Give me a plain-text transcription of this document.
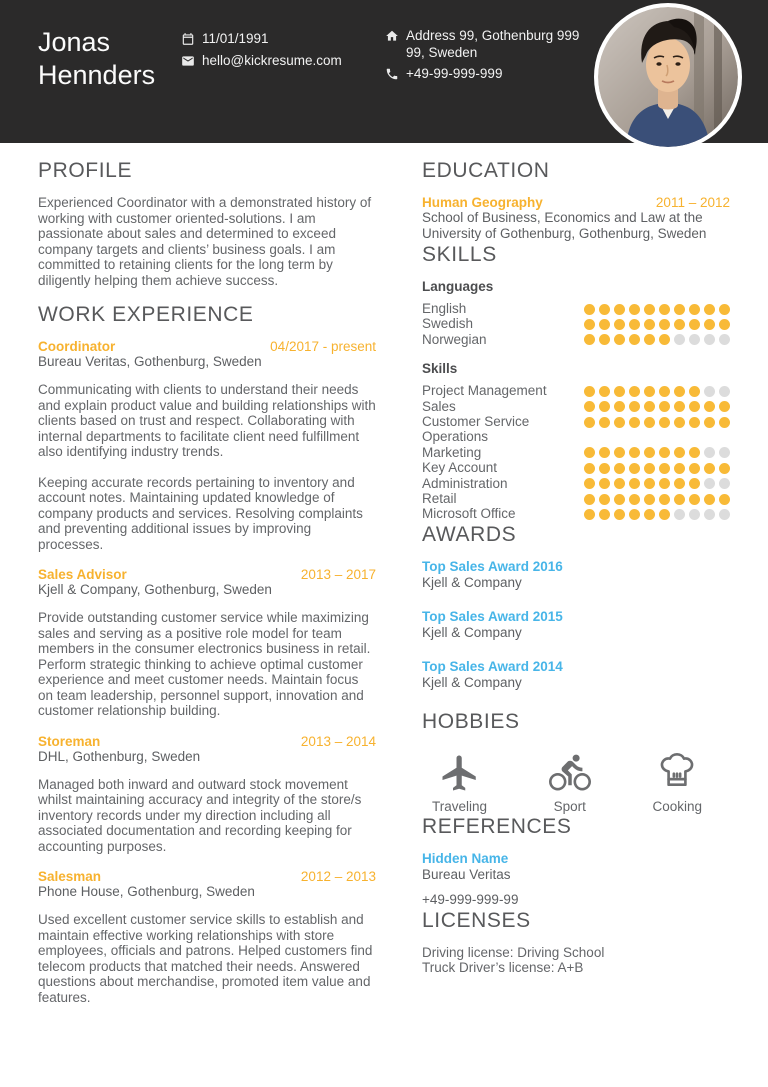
Jonas
Hennders
11/01/1991
hello@kickresume.com
Address 99, Gothenburg 999
99, Sweden
+49-99-999-999
PROFILE

Experienced Coordinator with a demonstrated history of working with customer oriented-solutions. I am passionate about sales and determined to exceed company targets and clients’ business goals. I am committed to retaining clients for the long term by diligently helping them achieve success.

WORK EXPERIENCE
Coordinator	04/2017 - present
Bureau Veritas, Gothenburg, Sweden

Communicating with clients to understand their needs and explain product value and building relationships with clients based on trust and respect. Collaborating with internal departments to facilitate client need fulfillment also identifying industry trends.

Keeping accurate records pertaining to inventory and account notes. Maintaining updated knowledge of company products and services. Resolving complaints and preventing additional issues by improving processes.

Sales Advisor	2013 – 2017
Kjell & Company, Gothenburg, Sweden

Provide outstanding customer service while maximizing sales and serving as a positive role model for team members in the consumer electronics business in retail. Perform strategic thinking to achieve optimal customer experience and meet customer needs. Maintain focus on team leadership, personnel support, innovation and customer relationship building.

Storeman	2013 – 2014
DHL, Gothenburg, Sweden

Managed both inward and outward stock movement whilst maintaining accuracy and integrity of the store/s inventory records under my direction including all associated documentation and recording keeping for accounting purposes.

Salesman	2012 – 2013
Phone House, Gothenburg, Sweden

Used excellent customer service skills to establish and maintain effective working relationships with store employees, officials and patrons. Helped customers find telecom products that matched their needs. Answered questions about merchandise, promoted item value and features.

EDUCATION
Human Geography	2011 – 2012
School of Business, Economics and Law at the University of Gothenburg, Gothenburg, Sweden
SKILLS
Languages
English
Swedish
Norwegian
Skills
Project Management
Sales
Customer Service Operations
Marketing
Key Account
Administration
Retail
Microsoft Office
AWARDS
Top Sales Award 2016
Kjell & Company
Top Sales Award 2015
Kjell & Company
Top Sales Award 2014
Kjell & Company
HOBBIES
Traveling	Sport	Cooking
REFERENCES
Hidden Name
Bureau Veritas
+49-999-999-99
LICENSES
Driving license: Driving School
Truck Driver’s license: A+B
